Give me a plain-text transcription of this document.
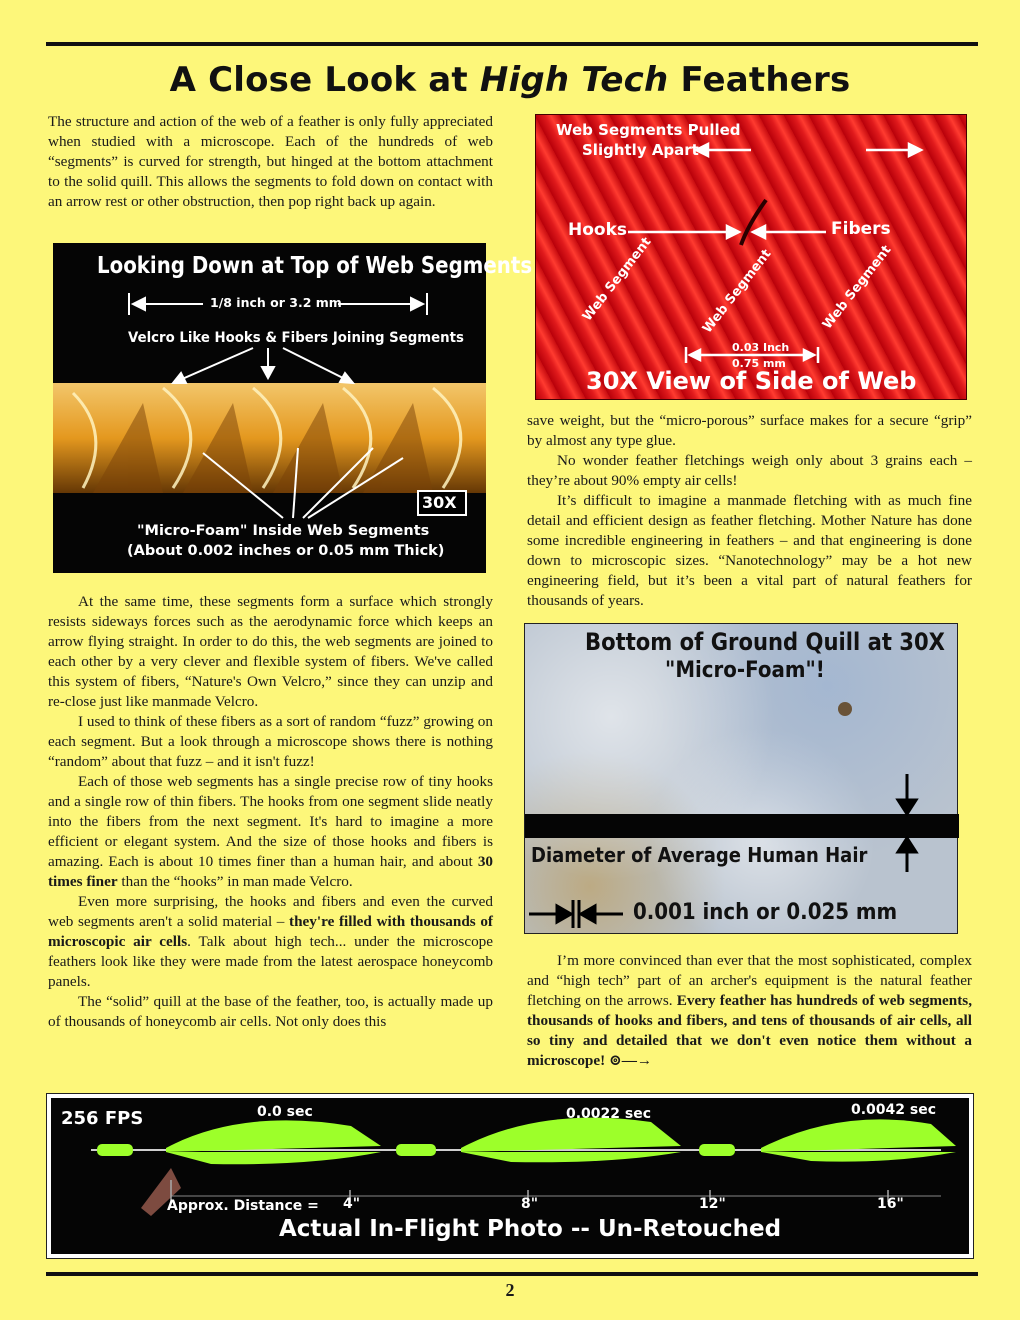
A Close Look at High Tech Feathers

The structure and action of the web of a feather is only fully appreciated when studied with a microscope. Each of the hundreds of web “segments” is curved for strength, but hinged at the bottom attachment to the solid quill. This allows the segments to fold down on contact with an arrow rest or other obstruction, then pop right back up again.

Looking Down at Top of Web Segments
1/8 inch or 3.2 mm
Velcro Like Hooks & Fibers Joining Segments
30X
"Micro-Foam" Inside Web Segments
(About 0.002 inches or 0.05 mm Thick)

At the same time, these segments form a surface which strongly resists sideways forces such as the aerodynamic force which keeps an arrow flying straight. In order to do this, the web segments are joined to each other by a very clever and flexible system of fibers. We've called this system of fibers, “Nature's Own Velcro,” since they can unzip and re-close just like manmade Velcro.

I used to think of these fibers as a sort of random “fuzz” growing on each segment. But a look through a microscope shows there is nothing “random” about that fuzz – and it isn't fuzz!

Each of those web segments has a single precise row of tiny hooks and a single row of thin fibers. The hooks from one segment slide neatly into the fibers from the next segment. It's hard to imagine a more efficient or elegant system. And the size of those hooks and fibers is amazing. Each is about 10 times finer than a human hair, and about 30 times finer than the “hooks” in man made Velcro.

Even more surprising, the hooks and fibers and even the curved web segments aren't a solid material – they're filled with thousands of microscopic air cells. Talk about high tech... under the microscope feathers look like they were made from the latest aerospace honeycomb panels.

The “solid” quill at the base of the feather, too, is actually made up of thousands of honeycomb air cells. Not only does this

Web Segments Pulled
Slightly Apart
Hooks	Fibers
Web Segment	Web Segment	Web Segment
0.03 Inch
0.75 mm
30X View of Side of Web

save weight, but the “micro-porous” surface makes for a secure “grip” by almost any type glue.

No wonder feather fletchings weigh only about 3 grains each – they’re about 90% empty air cells!

It’s difficult to imagine a manmade fletching with as much fine detail and efficient design as feather fletching. Mother Nature has done some incredible engineering in feathers – and that engineering is done down to microscopic sizes. “Nanotechnology” may be a hot new engineering field, but it’s been a vital part of natural feathers for thousands of years.

Bottom of Ground Quill at 30X
"Micro-Foam"!
Diameter of Average Human Hair
0.001 inch or 0.025 mm

I’m more convinced than ever that the most sophisticated, complex and “high tech” part of an archer's equipment is the natural feather fletching on the arrows. Every feather has hundreds of web segments, thousands of hooks and fibers, and tens of thousands of air cells, all so tiny and detailed that we don't even notice them without a microscope! ⊚—→

256 FPS	0.0 sec	0.0022 sec	0.0042 sec
Approx. Distance = 4"	8"	12"	16"
Actual In-Flight Photo -- Un-Retouched
2
